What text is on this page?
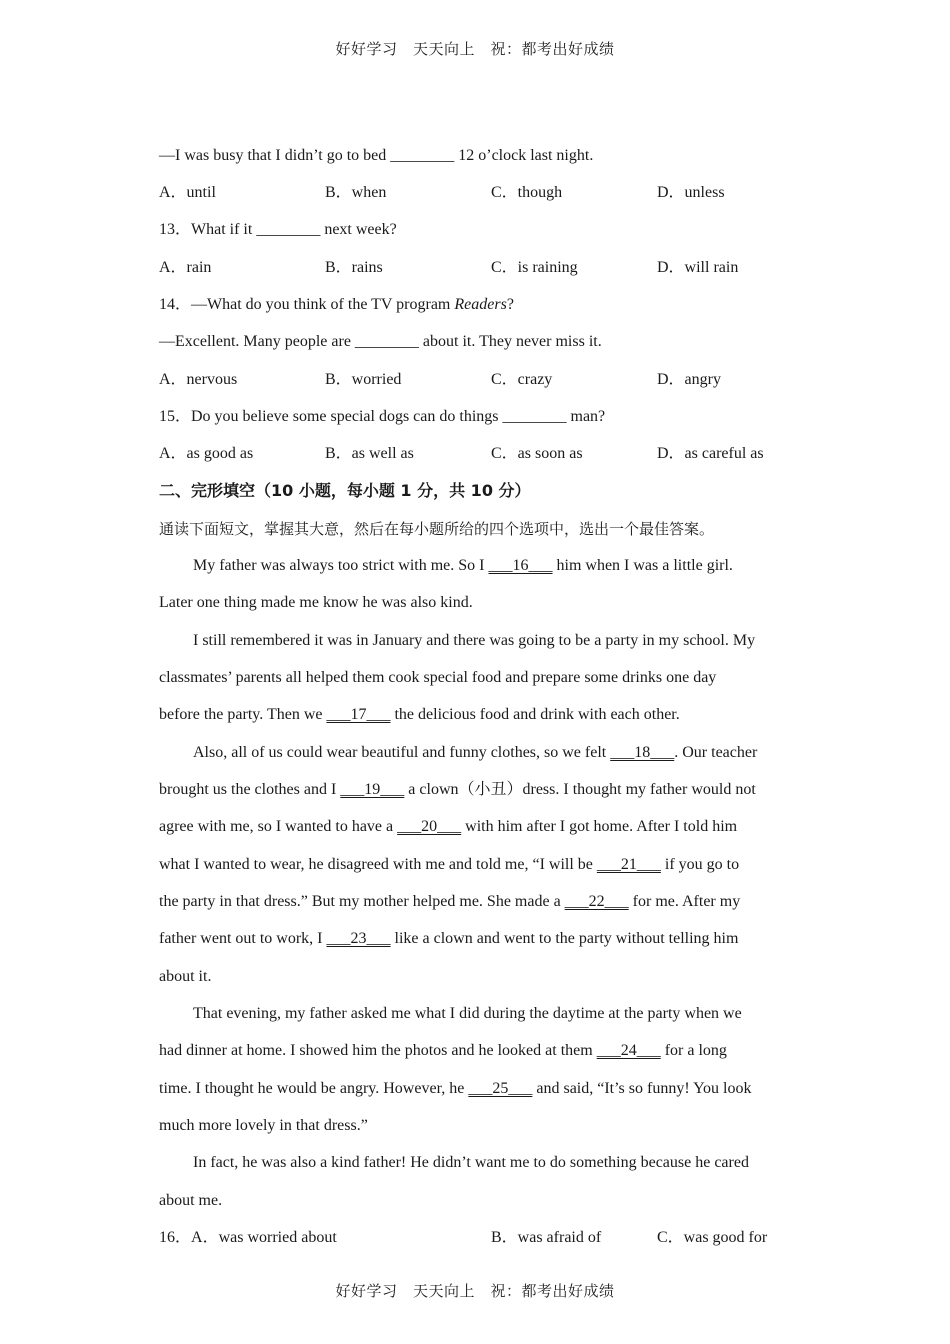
好好学习　天天向上　祝：都考出好成绩
—I was busy that I didn’t go to bed ________ 12 o’clock last night.
A．until	B．when	C．though	D．unless
13．What if it ________ next week?
A．rain	B．rains	C．is raining	D．will rain
14．—What do you think of the TV program Readers?
—Excellent. Many people are ________ about it. They never miss it.
A．nervous	B．worried	C．crazy	D．angry
15．Do you believe some special dogs can do things ________ man?
A．as good as	B．as well as	C．as soon as	D．as careful as
二、完形填空（10 小题，每小题 1 分，共 10 分）
通读下面短文，掌握其大意，然后在每小题所给的四个选项中，选出一个最佳答案。
My father was always too strict with me. So I ___16___ him when I was a little girl.
Later one thing made me know he was also kind.
I still remembered it was in January and there was going to be a party in my school. My
classmates’ parents all helped them cook special food and prepare some drinks one day
before the party. Then we ___17___ the delicious food and drink with each other.
Also, all of us could wear beautiful and funny clothes, so we felt ___18___. Our teacher
brought us the clothes and I ___19___ a clown（小丑）dress. I thought my father would not
agree with me, so I wanted to have a ___20___ with him after I got home. After I told him
what I wanted to wear, he disagreed with me and told me, “I will be ___21___ if you go to
the party in that dress.” But my mother helped me. She made a ___22___ for me. After my
father went out to work, I ___23___ like a clown and went to the party without telling him
about it.
That evening, my father asked me what I did during the daytime at the party when we
had dinner at home. I showed him the photos and he looked at them ___24___ for a long
time. I thought he would be angry. However, he ___25___ and said, “It’s so funny! You look
much more lovely in that dress.”
In fact, he was also a kind father! He didn’t want me to do something because he cared
about me.
16．A．was worried about	B．was afraid of	C．was good for
好好学习　天天向上　祝：都考出好成绩
